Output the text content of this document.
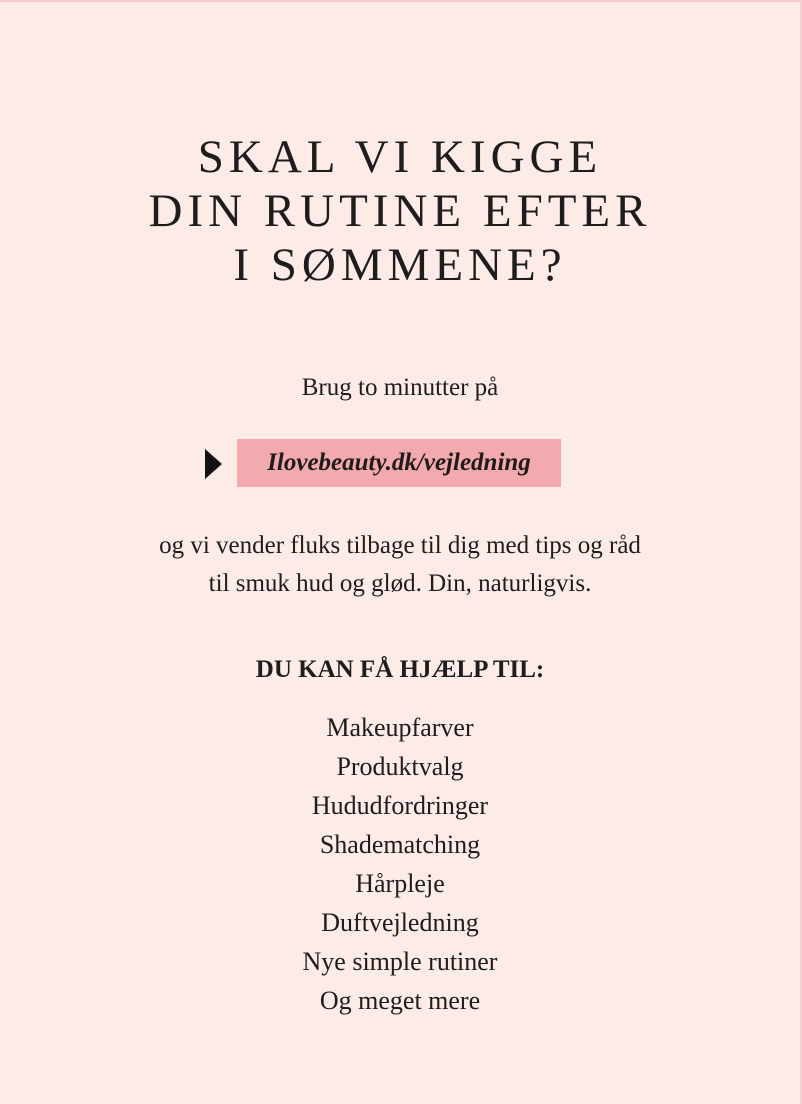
SKAL VI KIGGE
DIN RUTINE EFTER
I SØMMENE?
Brug to minutter på
Ilovebeauty.dk/vejledning
og vi vender fluks tilbage til dig med tips og råd
til smuk hud og glød. Din, naturligvis.
DU KAN FÅ HJÆLP TIL:
Makeupfarver
Produktvalg
Hududfordringer
Shadematching
Hårpleje
Duftvejledning
Nye simple rutiner
Og meget mere
